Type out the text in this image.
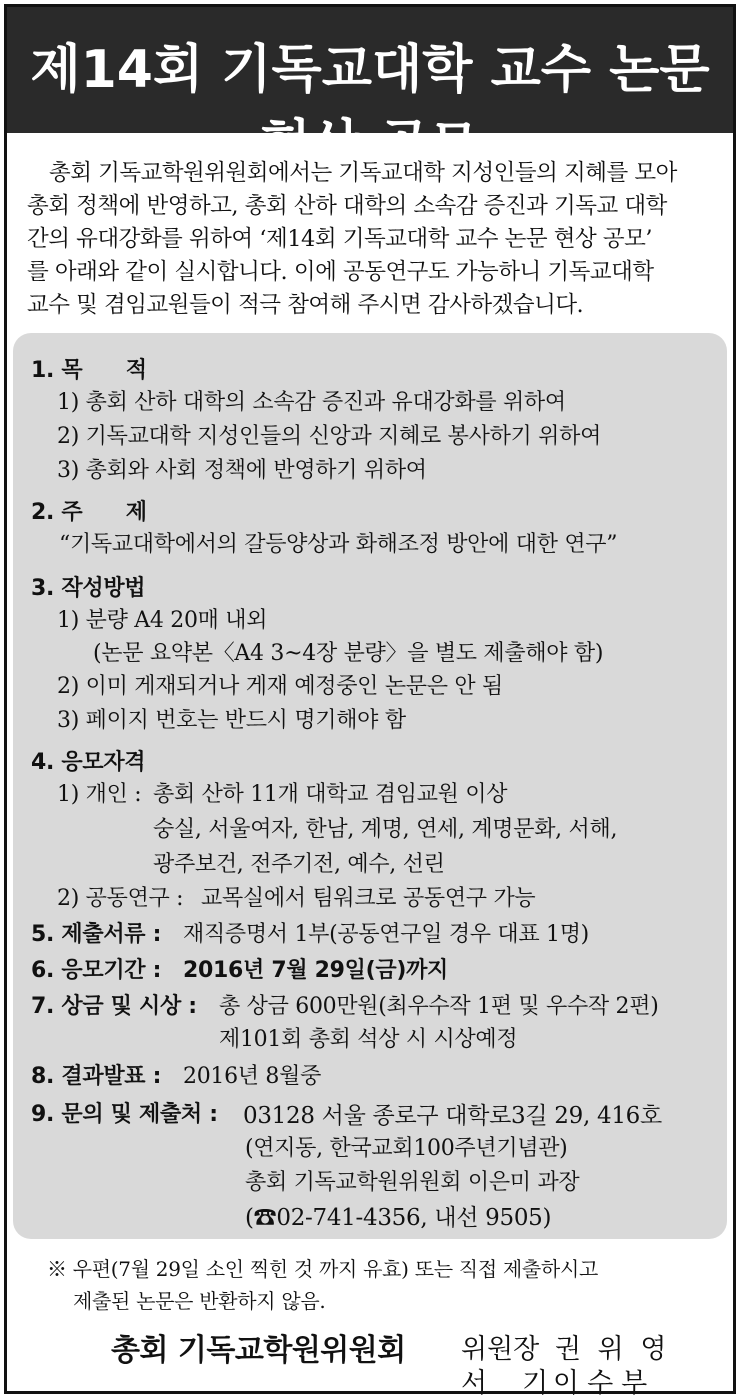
제14회 기독교대학 교수 논문 현상 공모
총회 기독교학원위원회에서는 기독교대학 지성인들의 지혜를 모아
총회 정책에 반영하고, 총회 산하 대학의 소속감 증진과 기독교 대학
간의 유대강화를 위하여 ‘제14회 기독교대학 교수 논문 현상 공모’
를 아래와 같이 실시합니다. 이에 공동연구도 가능하니 기독교대학
교수 및 겸임교원들이 적극 참여해 주시면 감사하겠습니다.
1. 목　　적
1) 총회 산하 대학의 소속감 증진과 유대강화를 위하여
2) 기독교대학 지성인들의 신앙과 지혜로 봉사하기 위하여
3) 총회와 사회 정책에 반영하기 위하여
2. 주　　제
“기독교대학에서의 갈등양상과 화해조정 방안에 대한 연구”
3. 작성방법
1) 분량 A4 20매 내외
(논문 요약본〈A4 3~4장 분량〉을 별도 제출해야 함)
2) 이미 게재되거나 게재 예정중인 논문은 안 됨
3) 페이지 번호는 반드시 명기해야 함
4. 응모자격
1) 개인 : 총회 산하 11개 대학교 겸임교원 이상
숭실, 서울여자, 한남, 계명, 연세, 계명문화, 서해,
광주보건, 전주기전, 예수, 선린
2) 공동연구 : 교목실에서 팀워크로 공동연구 가능
5. 제출서류 : 재직증명서 1부(공동연구일 경우 대표 1명)
6. 응모기간 : 2016년 7월 29일(금)까지
7. 상금 및 시상 : 총 상금 600만원(최우수작 1편 및 우수작 2편)
제101회 총회 석상 시 시상예정
8. 결과발표 : 2016년 8월중
9. 문의 및 제출처 : 03128 서울 종로구 대학로3길 29, 416호
(연지동, 한국교회100주년기념관)
총회 기독교학원위원회 이은미 과장
(☎02-741-4356, 내선 9505)
※ 우편(7월 29일 소인 찍힌 것 까지 유효) 또는 직접 제출하시고
제출된 논문은 반환하지 않음.
총회 기독교학원위원회 위원장 권 위 영
서　기 이수부
